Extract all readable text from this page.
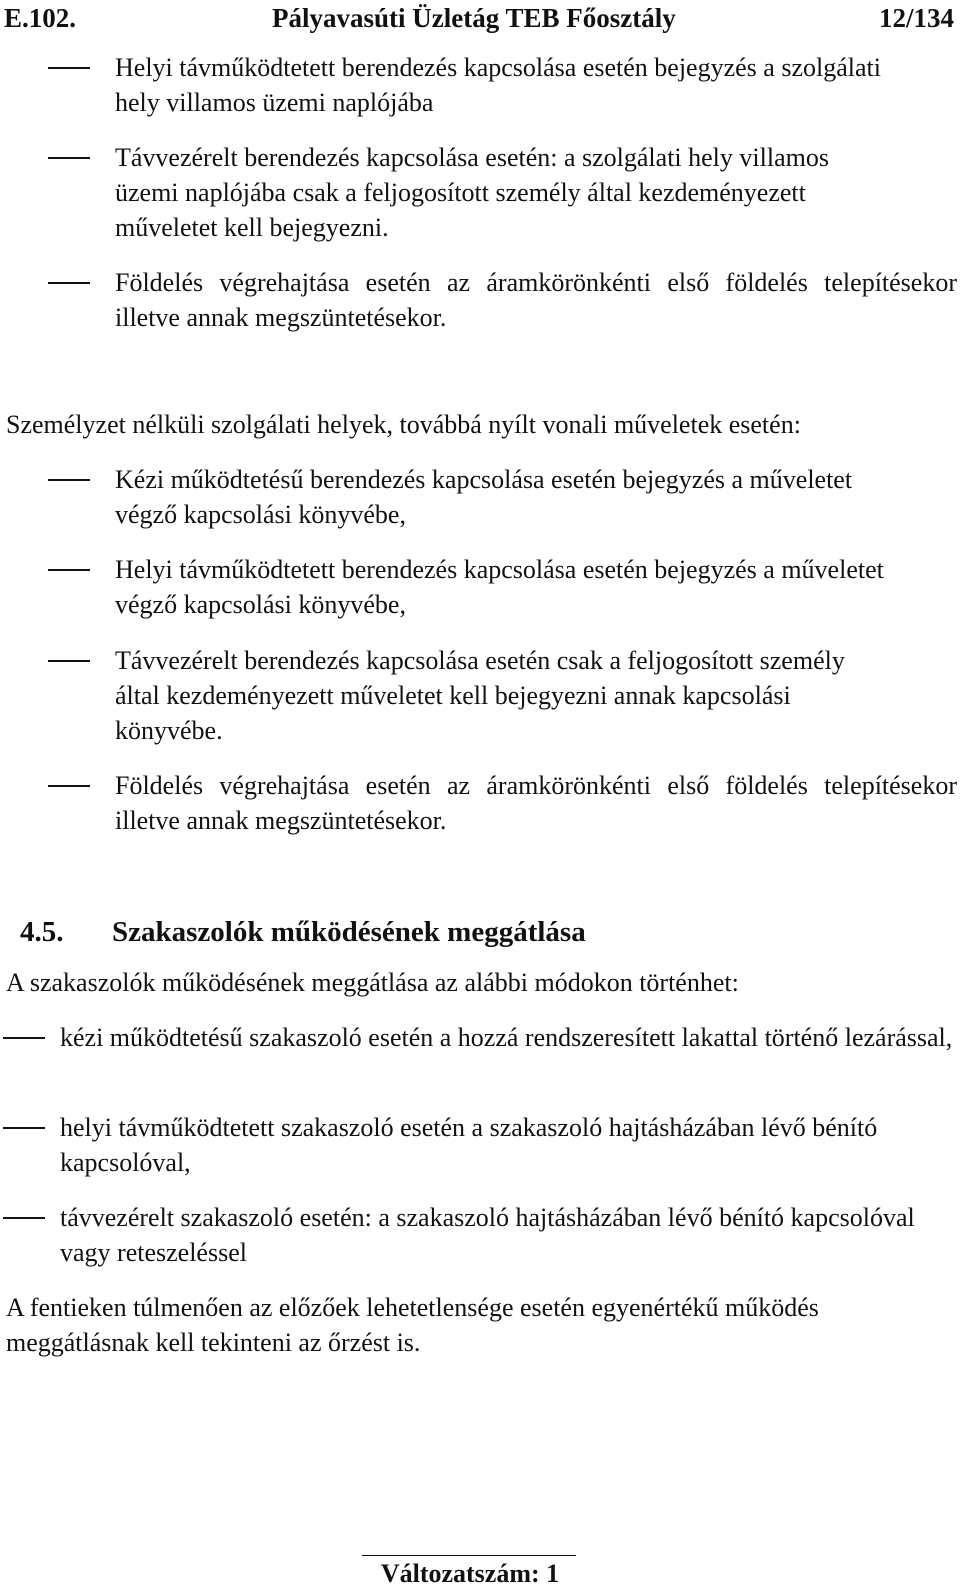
E.102.	Pályavasúti Üzletág TEB Főosztály	12/134
Helyi távműködtetett berendezés kapcsolása esetén bejegyzés a szolgálati hely villamos üzemi naplójába
Távvezérelt berendezés kapcsolása esetén: a szolgálati hely villamos üzemi naplójába csak a feljogosított személy által kezdeményezett műveletet kell bejegyezni.
Földelés végrehajtása esetén az áramkörönkénti első földelés telepítésekor illetve annak megszüntetésekor.
Személyzet nélküli szolgálati helyek, továbbá nyílt vonali műveletek esetén:
Kézi működtetésű berendezés kapcsolása esetén bejegyzés a műveletet végző kapcsolási könyvébe,
Helyi távműködtetett berendezés kapcsolása esetén bejegyzés a műveletet végző kapcsolási könyvébe,
Távvezérelt berendezés kapcsolása esetén csak a feljogosított személy által kezdeményezett műveletet kell bejegyezni annak kapcsolási könyvébe.
Földelés végrehajtása esetén az áramkörönkénti első földelés telepítésekor illetve annak megszüntetésekor.
4.5. Szakaszolók működésének meggátlása
A szakaszolók működésének meggátlása az alábbi módokon történhet:
kézi működtetésű szakaszoló esetén a hozzá rendszeresített lakattal történő lezárással,
helyi távműködtetett szakaszoló esetén a szakaszoló hajtásházában lévő bénító kapcsolóval,
távvezérelt szakaszoló esetén: a szakaszoló hajtásházában lévő bénító kapcsolóval vagy reteszeléssel
A fentieken túlmenően az előzőek lehetetlensége esetén egyenértékű működés meggátlásnak kell tekinteni az őrzést is.
Változatszám: 1
